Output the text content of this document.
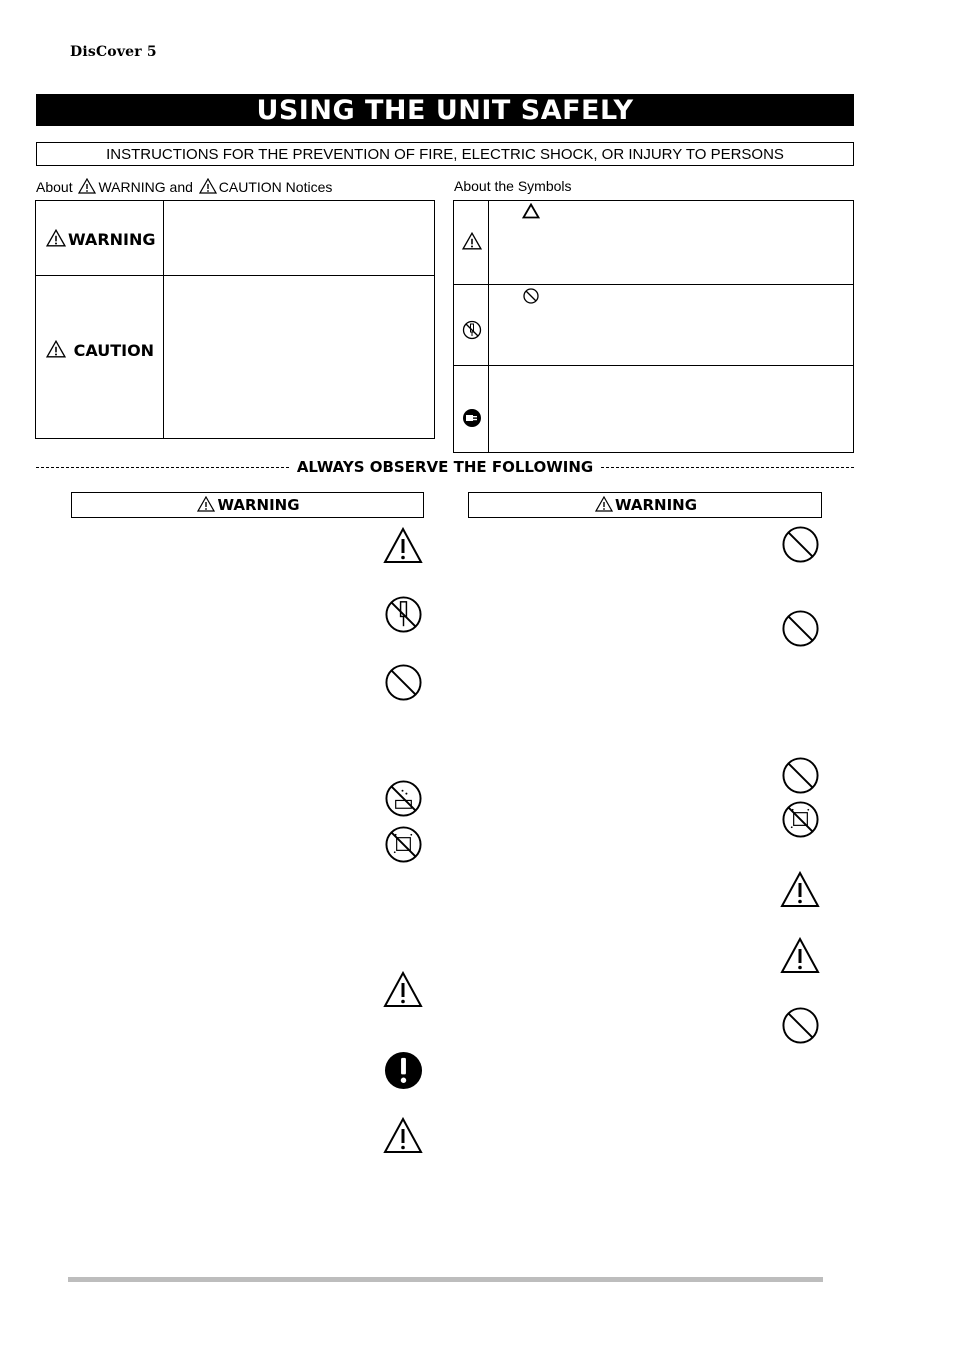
DisCover 5
USING THE UNIT SAFELY
INSTRUCTIONS FOR THE PREVENTION OF FIRE, ELECTRIC SHOCK, OR INJURY TO PERSONS
About WARNING and CAUTION Notices
WARNING
CAUTION
About the Symbols
ALWAYS OBSERVE THE FOLLOWING
WARNING	WARNING
